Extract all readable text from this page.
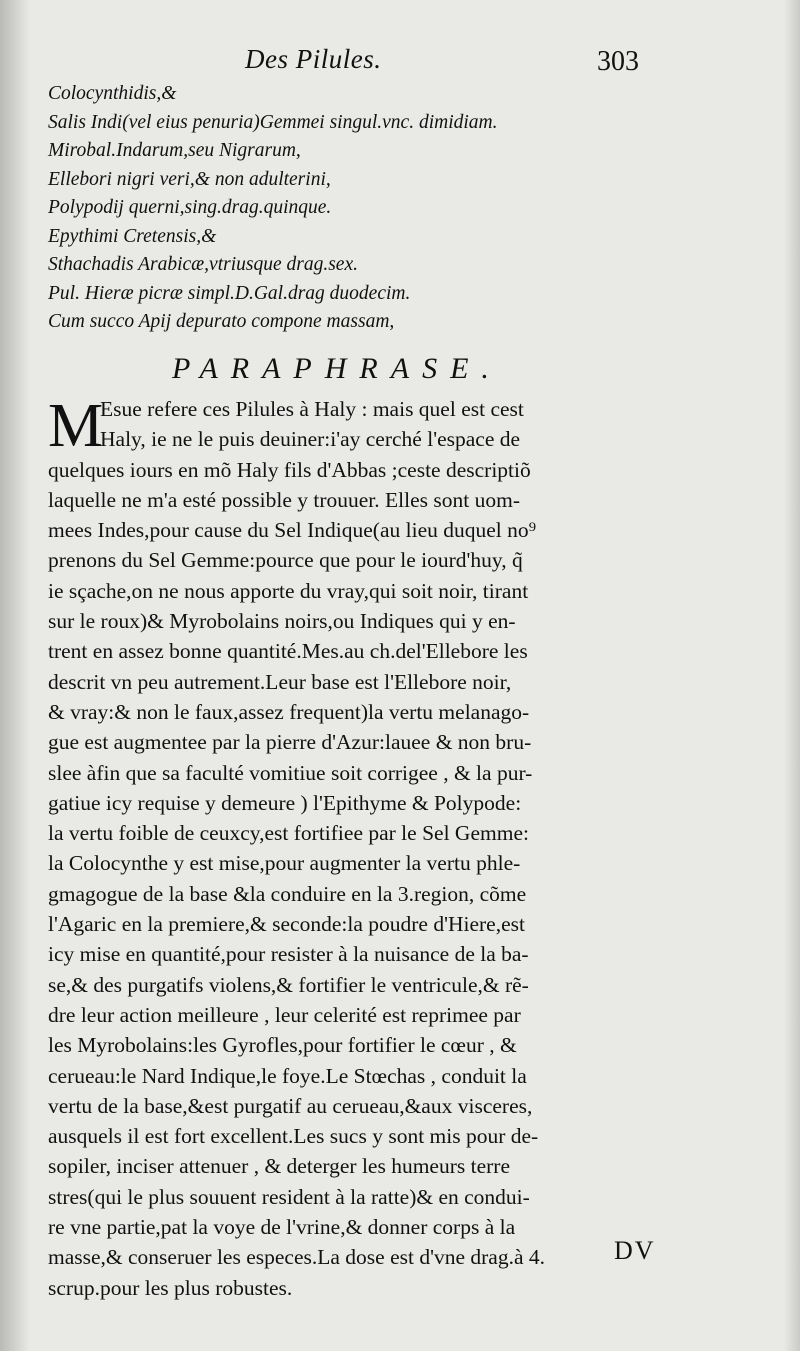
Des Pilules.	303
Colocynthidis,&
Salis Indi(vel eius penuria)Gemmei singul.vnc. dimidiam.
Mirobal.Indarum,seu Nigrarum,
Ellebori nigri veri,& non adulterini,
Polypodij querni,sing.drag.quinque.
Epythimi Cretensis,&
Sthachadis Arabicæ,vtriusque drag.sex.
Pul. Hieræ picræ simpl.D.Gal.drag duodecim.
Cum succo Apij depurato compone massam,
PARAPHRASE.
M
Esue refere ces Pilules à Haly : mais quel est cest
Haly, ie ne le puis deuiner:i'ay cerché l'espace de
quelques iours en mõ Haly fils d'Abbas ;ceste descriptiõ
laquelle ne m'a esté possible y trouuer. Elles sont uom-
mees Indes,pour cause du Sel Indique(au lieu duquel no⁹
prenons du Sel Gemme:pource que pour le iourd'huy, q̃
ie sçache,on ne nous apporte du vray,qui soit noir, tirant
sur le roux)& Myrobolains noirs,ou Indiques qui y en-
trent en assez bonne quantité.Mes.au ch.del'Ellebore les
descrit vn peu autrement.Leur base est l'Ellebore noir,
& vray:& non le faux,assez frequent)la vertu melanago-
gue est augmentee par la pierre d'Azur:lauee & non bru-
slee àfin que sa faculté vomitiue soit corrigee , & la pur-
gatiue icy requise y demeure ) l'Epithyme & Polypode:
la vertu foible de ceuxcy,est fortifiee par le Sel Gemme:
la Colocynthe y est mise,pour augmenter la vertu phle-
gmagogue de la base &la conduire en la 3.region, cõme
l'Agaric en la premiere,& seconde:la poudre d'Hiere,est
icy mise en quantité,pour resister à la nuisance de la ba-
se,& des purgatifs violens,& fortifier le ventricule,& rẽ-
dre leur action meilleure , leur celerité est reprimee par
les Myrobolains:les Gyrofles,pour fortifier le cœur , &
cerueau:le Nard Indique,le foye.Le Stœchas , conduit la
vertu de la base,&est purgatif au cerueau,&aux visceres,
ausquels il est fort excellent.Les sucs y sont mis pour de-
sopiler, inciser attenuer , & deterger les humeurs terre
stres(qui le plus souuent resident à la ratte)& en condui-
re vne partie,pat la voye de l'vrine,& donner corps à la
masse,& conseruer les especes.La dose est d'vne drag.à 4.
scrup.pour les plus robustes.
DV
